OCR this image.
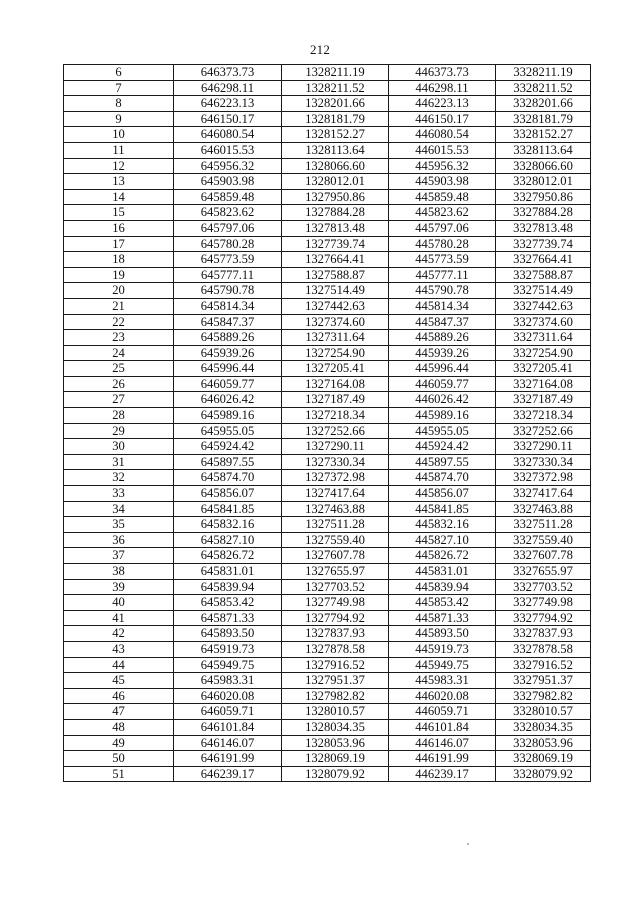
212
6	646373.73	1328211.19	446373.73	3328211.19
7	646298.11	1328211.52	446298.11	3328211.52
8	646223.13	1328201.66	446223.13	3328201.66
9	646150.17	1328181.79	446150.17	3328181.79
10	646080.54	1328152.27	446080.54	3328152.27
11	646015.53	1328113.64	446015.53	3328113.64
12	645956.32	1328066.60	445956.32	3328066.60
13	645903.98	1328012.01	445903.98	3328012.01
14	645859.48	1327950.86	445859.48	3327950.86
15	645823.62	1327884.28	445823.62	3327884.28
16	645797.06	1327813.48	445797.06	3327813.48
17	645780.28	1327739.74	445780.28	3327739.74
18	645773.59	1327664.41	445773.59	3327664.41
19	645777.11	1327588.87	445777.11	3327588.87
20	645790.78	1327514.49	445790.78	3327514.49
21	645814.34	1327442.63	445814.34	3327442.63
22	645847.37	1327374.60	445847.37	3327374.60
23	645889.26	1327311.64	445889.26	3327311.64
24	645939.26	1327254.90	445939.26	3327254.90
25	645996.44	1327205.41	445996.44	3327205.41
26	646059.77	1327164.08	446059.77	3327164.08
27	646026.42	1327187.49	446026.42	3327187.49
28	645989.16	1327218.34	445989.16	3327218.34
29	645955.05	1327252.66	445955.05	3327252.66
30	645924.42	1327290.11	445924.42	3327290.11
31	645897.55	1327330.34	445897.55	3327330.34
32	645874.70	1327372.98	445874.70	3327372.98
33	645856.07	1327417.64	445856.07	3327417.64
34	645841.85	1327463.88	445841.85	3327463.88
35	645832.16	1327511.28	445832.16	3327511.28
36	645827.10	1327559.40	445827.10	3327559.40
37	645826.72	1327607.78	445826.72	3327607.78
38	645831.01	1327655.97	445831.01	3327655.97
39	645839.94	1327703.52	445839.94	3327703.52
40	645853.42	1327749.98	445853.42	3327749.98
41	645871.33	1327794.92	445871.33	3327794.92
42	645893.50	1327837.93	445893.50	3327837.93
43	645919.73	1327878.58	445919.73	3327878.58
44	645949.75	1327916.52	445949.75	3327916.52
45	645983.31	1327951.37	445983.31	3327951.37
46	646020.08	1327982.82	446020.08	3327982.82
47	646059.71	1328010.57	446059.71	3328010.57
48	646101.84	1328034.35	446101.84	3328034.35
49	646146.07	1328053.96	446146.07	3328053.96
50	646191.99	1328069.19	446191.99	3328069.19
51	646239.17	1328079.92	446239.17	3328079.92
